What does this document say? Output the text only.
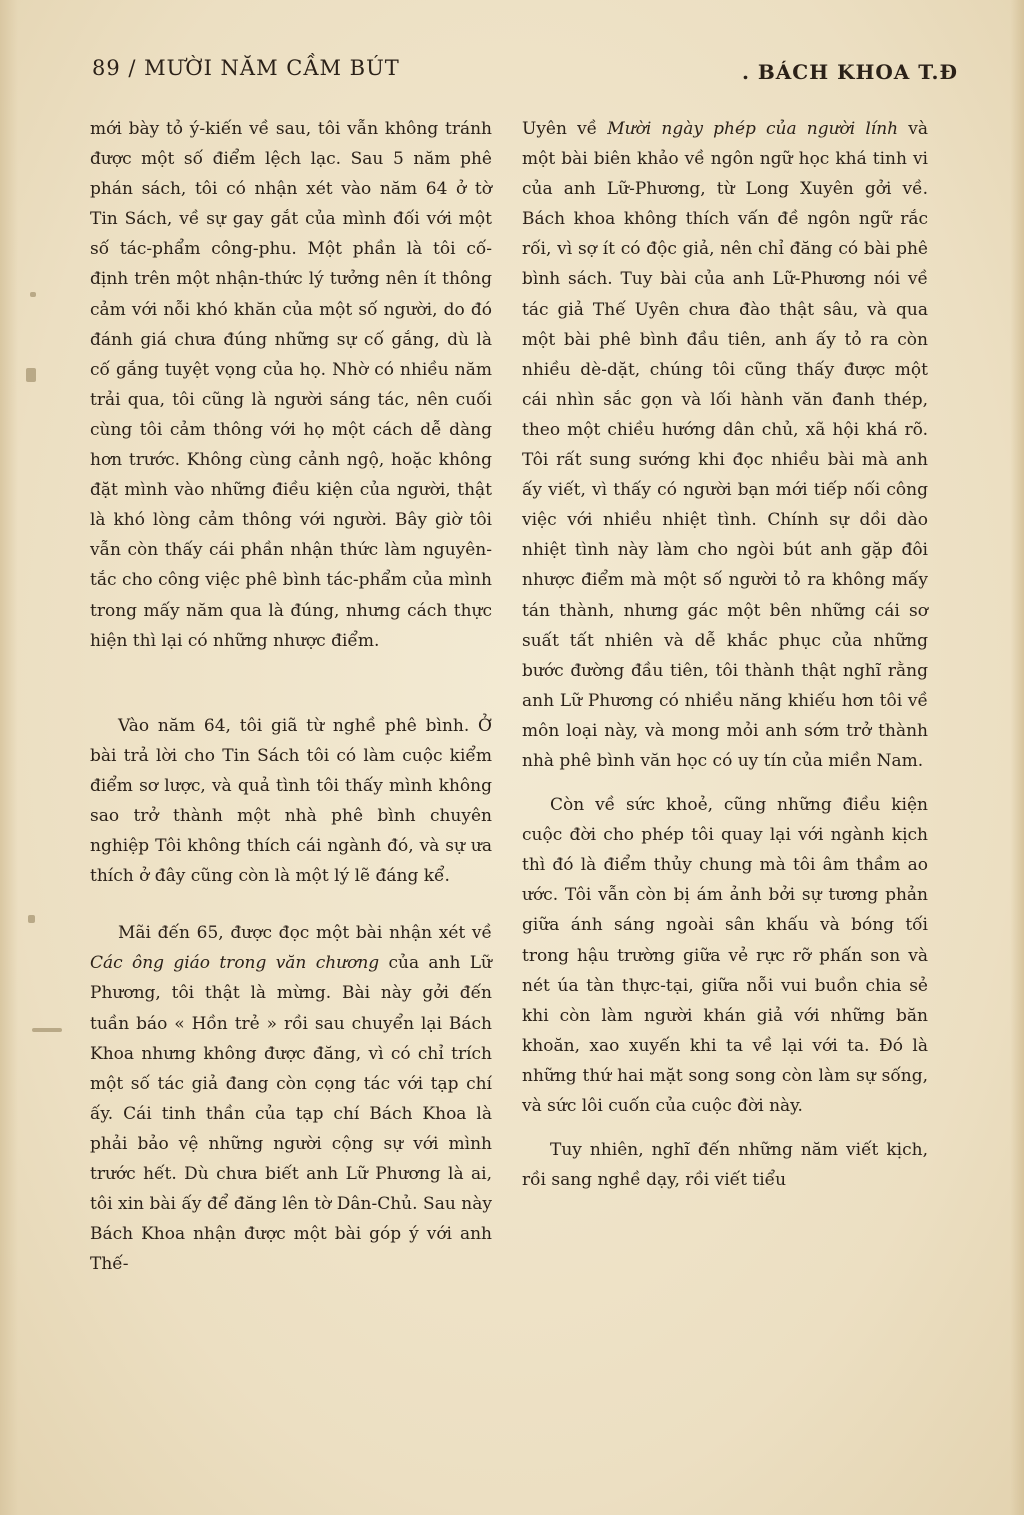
89 / MƯỜI NĂM CẦM BÚT	. BÁCH KHOA T.Đ

mới bày tỏ ý-kiến về sau, tôi vẫn không tránh được một số điểm lệch lạc. Sau 5 năm phê phán sách, tôi có nhận xét vào năm 64 ở tờ Tin Sách, về sự gay gắt của mình đối với một số tác-phẩm công-phu. Một phần là tôi cố-định trên một nhận-thức lý tưởng nên ít thông cảm với nỗi khó khăn của một số người, do đó đánh giá chưa đúng những sự cố gắng, dù là cố gắng tuyệt vọng của họ. Nhờ có nhiều năm trải qua, tôi cũng là người sáng tác, nên cuối cùng tôi cảm thông với họ một cách dễ dàng hơn trước. Không cùng cảnh ngộ, hoặc không đặt mình vào những điều kiện của người, thật là khó lòng cảm thông với người. Bây giờ tôi vẫn còn thấy cái phần nhận thức làm nguyên-tắc cho công việc phê bình tác-phẩm của mình trong mấy năm qua là đúng, nhưng cách thực hiện thì lại có những nhược điểm.

Vào năm 64, tôi giã từ nghề phê bình. Ở bài trả lời cho Tin Sách tôi có làm cuộc kiểm điểm sơ lược, và quả tình tôi thấy mình không sao trở thành một nhà phê bình chuyên nghiệp Tôi không thích cái ngành đó, và sự ưa thích ở đây cũng còn là một lý lẽ đáng kể.

Mãi đến 65, được đọc một bài nhận xét về Các ông giáo trong văn chương của anh Lữ Phương, tôi thật là mừng. Bài này gởi đến tuần báo « Hồn trẻ » rồi sau chuyển lại Bách Khoa nhưng không được đăng, vì có chỉ trích một số tác giả đang còn cọng tác với tạp chí ấy. Cái tinh thần của tạp chí Bách Khoa là phải bảo vệ những người cộng sự với mình trước hết. Dù chưa biết anh Lữ Phương là ai, tôi xin bài ấy để đăng lên tờ Dân-Chủ. Sau này Bách Khoa nhận được một bài góp ý với anh Thế-

Uyên về Mười ngày phép của người lính và một bài biên khảo về ngôn ngữ học khá tinh vi của anh Lữ-Phương, từ Long Xuyên gởi về. Bách khoa không thích vấn đề ngôn ngữ rắc rối, vì sợ ít có độc giả, nên chỉ đăng có bài phê bình sách. Tuy bài của anh Lữ-Phương nói về tác giả Thế Uyên chưa đào thật sâu, và qua một bài phê bình đầu tiên, anh ấy tỏ ra còn nhiều dè-dặt, chúng tôi cũng thấy được một cái nhìn sắc gọn và lối hành văn đanh thép, theo một chiều hướng dân chủ, xã hội khá rõ. Tôi rất sung sướng khi đọc nhiều bài mà anh ấy viết, vì thấy có người bạn mới tiếp nối công việc với nhiều nhiệt tình. Chính sự dồi dào nhiệt tình này làm cho ngòi bút anh gặp đôi nhược điểm mà một số người tỏ ra không mấy tán thành, nhưng gác một bên những cái sơ suất tất nhiên và dễ khắc phục của những bước đường đầu tiên, tôi thành thật nghĩ rằng anh Lữ Phương có nhiều năng khiếu hơn tôi về môn loại này, và mong mỏi anh sớm trở thành nhà phê bình văn học có uy tín của miền Nam.

Còn về sức khoẻ, cũng những điều kiện cuộc đời cho phép tôi quay lại với ngành kịch thì đó là điểm thủy chung mà tôi âm thầm ao ước. Tôi vẫn còn bị ám ảnh bởi sự tương phản giữa ánh sáng ngoài sân khấu và bóng tối trong hậu trường giữa vẻ rực rỡ phấn son và nét úa tàn thực-tại, giữa nỗi vui buồn chia sẻ khi còn làm người khán giả với những băn khoăn, xao xuyến khi ta về lại với ta. Đó là những thứ hai mặt song song còn làm sự sống, và sức lôi cuốn của cuộc đời này.

Tuy nhiên, nghĩ đến những năm viết kịch, rồi sang nghề dạy, rồi viết tiểu
